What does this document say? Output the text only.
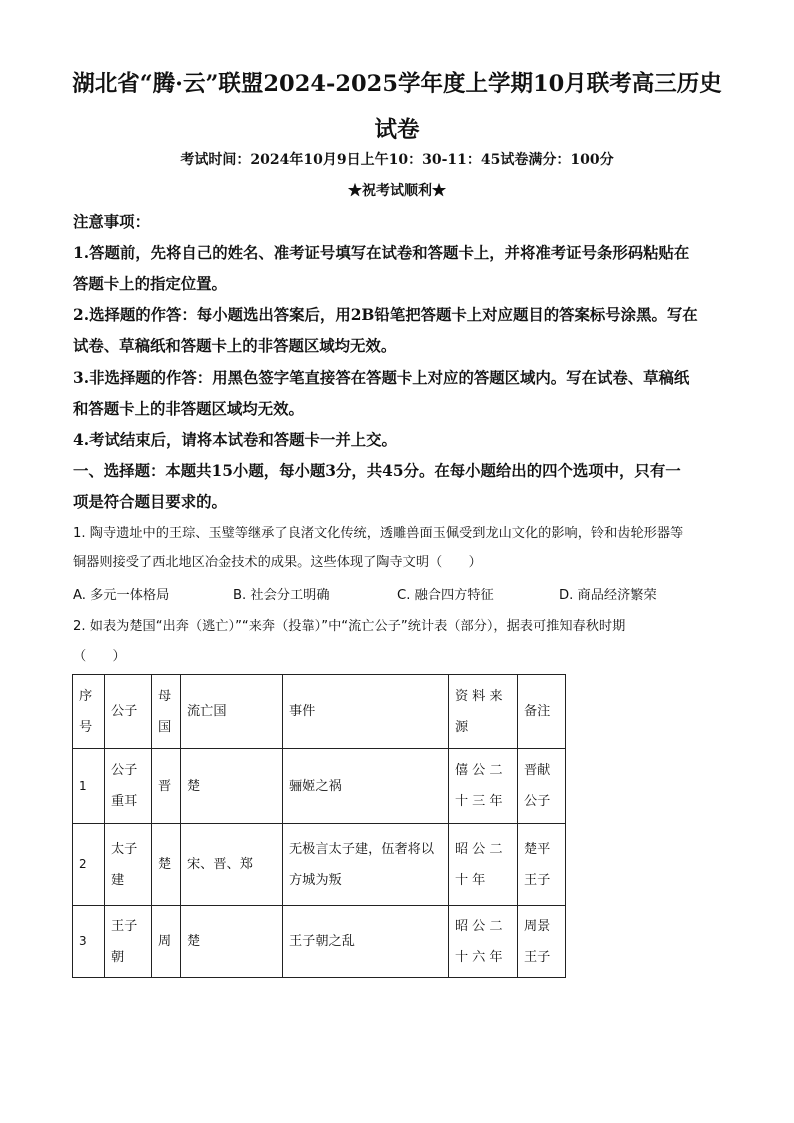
湖北省“腾·云”联盟2024-2025学年度上学期10月联考高三历史
试卷
考试时间：2024年10月9日上午10：30-11：45试卷满分：100分
★祝考试顺利★
注意事项：
1.答题前，先将自己的姓名、准考证号填写在试卷和答题卡上，并将准考证号条形码粘贴在
答题卡上的指定位置。
2.选择题的作答：每小题选出答案后，用2B铅笔把答题卡上对应题目的答案标号涂黑。写在
试卷、草稿纸和答题卡上的非答题区域均无效。
3.非选择题的作答：用黑色签字笔直接答在答题卡上对应的答题区域内。写在试卷、草稿纸
和答题卡上的非答题区域均无效。
4.考试结束后，请将本试卷和答题卡一并上交。
一、选择题：本题共15小题，每小题3分，共45分。在每小题给出的四个选项中，只有一
项是符合题目要求的。
1. 陶寺遗址中的王琮、玉璧等继承了良渚文化传统，透雕兽面玉佩受到龙山文化的影响，铃和齿轮形器等
铜器则接受了西北地区冶金技术的成果。这些体现了陶寺文明（　　）
A. 多元一体格局	B. 社会分工明确	C. 融合四方特征	D. 商品经济繁荣
2. 如表为楚国“出奔（逃亡）”“来奔（投靠）”中“流亡公子”统计表（部分），据表可推知春秋时期
（　　）
序号	公子	母国	流亡国	事件	资料来源	备注
1	公子重耳	晋	楚	骊姬之祸	僖公二十三年	晋献公子
2	太子建	楚	宋、晋、郑	无极言太子建，伍奢将以方城为叛	昭公二十年	楚平王子
3	王子朝	周	楚	王子朝之乱	昭公二十六年	周景王子
